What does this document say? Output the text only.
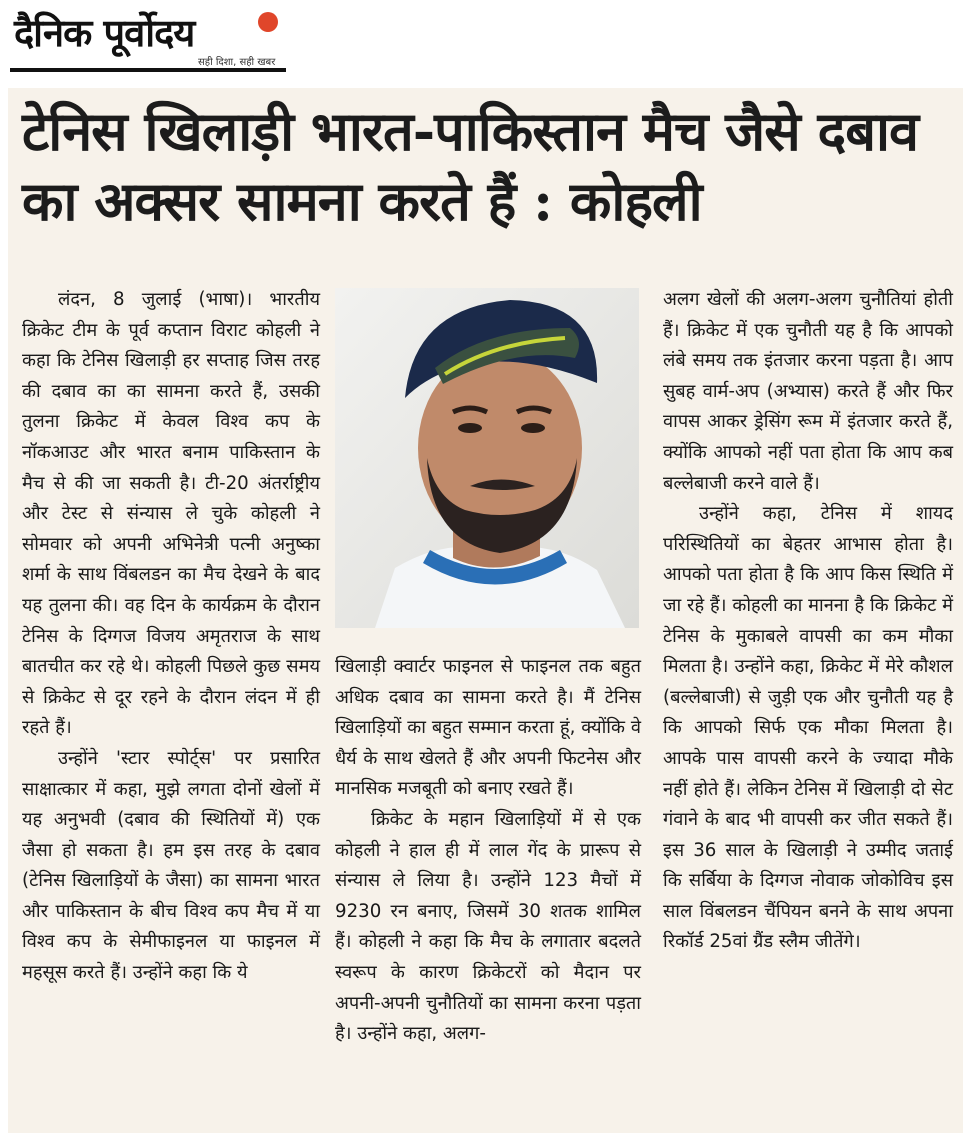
दैनिक पूर्वोदय
सही दिशा, सही खबर
टेनिस खिलाड़ी भारत-पाकिस्तान मैच जैसे दबाव का अक्सर सामना करते हैं : कोहली

लंदन, 8 जुलाई (भाषा)। भारतीय क्रिकेट टीम के पूर्व कप्तान विराट कोहली ने कहा कि टेनिस खिलाड़ी हर सप्ताह जिस तरह की दबाव का का सामना करते हैं, उसकी तुलना क्रिकेट में केवल विश्व कप के नॉकआउट और भारत बनाम पाकिस्तान के मैच से की जा सकती है। टी-20 अंतर्राष्ट्रीय और टेस्ट से संन्यास ले चुके कोहली ने सोमवार को अपनी अभिनेत्री पत्नी अनुष्का शर्मा के साथ विंबलडन का मैच देखने के बाद यह तुलना की। वह दिन के कार्यक्रम के दौरान टेनिस के दिग्गज विजय अमृतराज के साथ बातचीत कर रहे थे। कोहली पिछले कुछ समय से क्रिकेट से दूर रहने के दौरान लंदन में ही रहते हैं।

उन्होंने 'स्टार स्पोर्ट्स' पर प्रसारित साक्षात्कार में कहा, मुझे लगता दोनों खेलों में यह अनुभवी (दबाव की स्थितियों में) एक जैसा हो सकता है। हम इस तरह के दबाव (टेनिस खिलाड़ियों के जैसा) का सामना भारत और पाकिस्तान के बीच विश्व कप मैच में या विश्व कप के सेमीफाइनल या फाइनल में महसूस करते हैं। उन्होंने कहा कि ये

खिलाड़ी क्वार्टर फाइनल से फाइनल तक बहुत अधिक दबाव का सामना करते है। मैं टेनिस खिलाड़ियों का बहुत सम्मान करता हूं, क्योंकि वे धैर्य के साथ खेलते हैं और अपनी फिटनेस और मानसिक मजबूती को बनाए रखते हैं।

क्रिकेट के महान खिलाड़ियों में से एक कोहली ने हाल ही में लाल गेंद के प्रारूप से संन्यास ले लिया है। उन्होंने 123 मैचों में 9230 रन बनाए, जिसमें 30 शतक शामिल हैं। कोहली ने कहा कि मैच के लगातार बदलते स्वरूप के कारण क्रिकेटरों को मैदान पर अपनी-अपनी चुनौतियों का सामना करना पड़ता है। उन्होंने कहा, अलग-

अलग खेलों की अलग-अलग चुनौतियां होती हैं। क्रिकेट में एक चुनौती यह है कि आपको लंबे समय तक इंतजार करना पड़ता है। आप सुबह वार्म-अप (अभ्यास) करते हैं और फिर वापस आकर ड्रेसिंग रूम में इंतजार करते हैं, क्योंकि आपको नहीं पता होता कि आप कब बल्लेबाजी करने वाले हैं।

उन्होंने कहा, टेनिस में शायद परिस्थितियों का बेहतर आभास होता है। आपको पता होता है कि आप किस स्थिति में जा रहे हैं। कोहली का मानना है कि क्रिकेट में टेनिस के मुकाबले वापसी का कम मौका मिलता है। उन्होंने कहा, क्रिकेट में मेरे कौशल (बल्लेबाजी) से जुड़ी एक और चुनौती यह है कि आपको सिर्फ एक मौका मिलता है। आपके पास वापसी करने के ज्यादा मौके नहीं होते हैं। लेकिन टेनिस में खिलाड़ी दो सेट गंवाने के बाद भी वापसी कर जीत सकते हैं। इस 36 साल के खिलाड़ी ने उम्मीद जताई कि सर्बिया के दिग्गज नोवाक जोकोविच इस साल विंबलडन चैंपियन बनने के साथ अपना रिकॉर्ड 25वां ग्रैंड स्लैम जीतेंगे।
